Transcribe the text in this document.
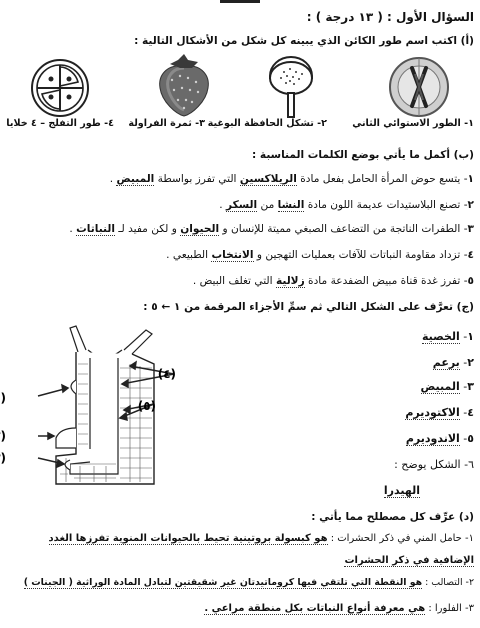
السؤال الأول : ( ١٣ درجة ) :
(أ) اكتب اسم طور الكائن الذي يبينه كل شكل من الأشكال التالية :
١- الطور الاستوائي الثاني
٢- تشكل الحافظة البوغية
٣- ثمرة الفراولة
٤- طور التفلج – ٤ خلايا
(ب) أكمل ما يأتي بوضع الكلمات المناسبة :
١- يتسع حوض المرأة الحامل بفعل مادة الريلاكسين التي تفرز بواسطة المبيض .
٢- تصنع البلاستيدات عديمة اللون مادة النشا من السكر .
٣- الطفرات الناتجة من التضاعف الصبغي مميتة للإنسان و الحيوان و لكن مفيد لـ النباتات .
٤- تزداد مقاومة النباتات للآفات بعمليات التهجين و الانتخاب الطبيعي .
٥- تفرز غدة قناة مبيض الضفدعة مادة زلالية التي تغلف البيض .
(ج) تعرَّف على الشكل التالي ثم سمِّ الأجزاء المرقمة من ١ ← ٥ :
(
(
(
(٤)
(٥)
١- الخصية
٢- برعم
٣- المبيض
٤- الاكتوديرم
٥- الاندوديرم
٦- الشكل يوضح :
الهيدرا
(د) عرِّف كل مصطلح مما يأتي :
١- حامل المني في ذكر الحشرات : هو كبسولة بروتينية تحيط بالحيوانات المنوية تفرزها الغدد
الإضافية في ذكر الحشرات
٢- التصالب : هو النقطة التي تلتقي فيها كروماتيدتان غير شقيقتين لتبادل المادة الوراثية ( الجينات )
٣- الفلورا : هي معرفة أنواع النباتات بكل منطقة مراعي .
